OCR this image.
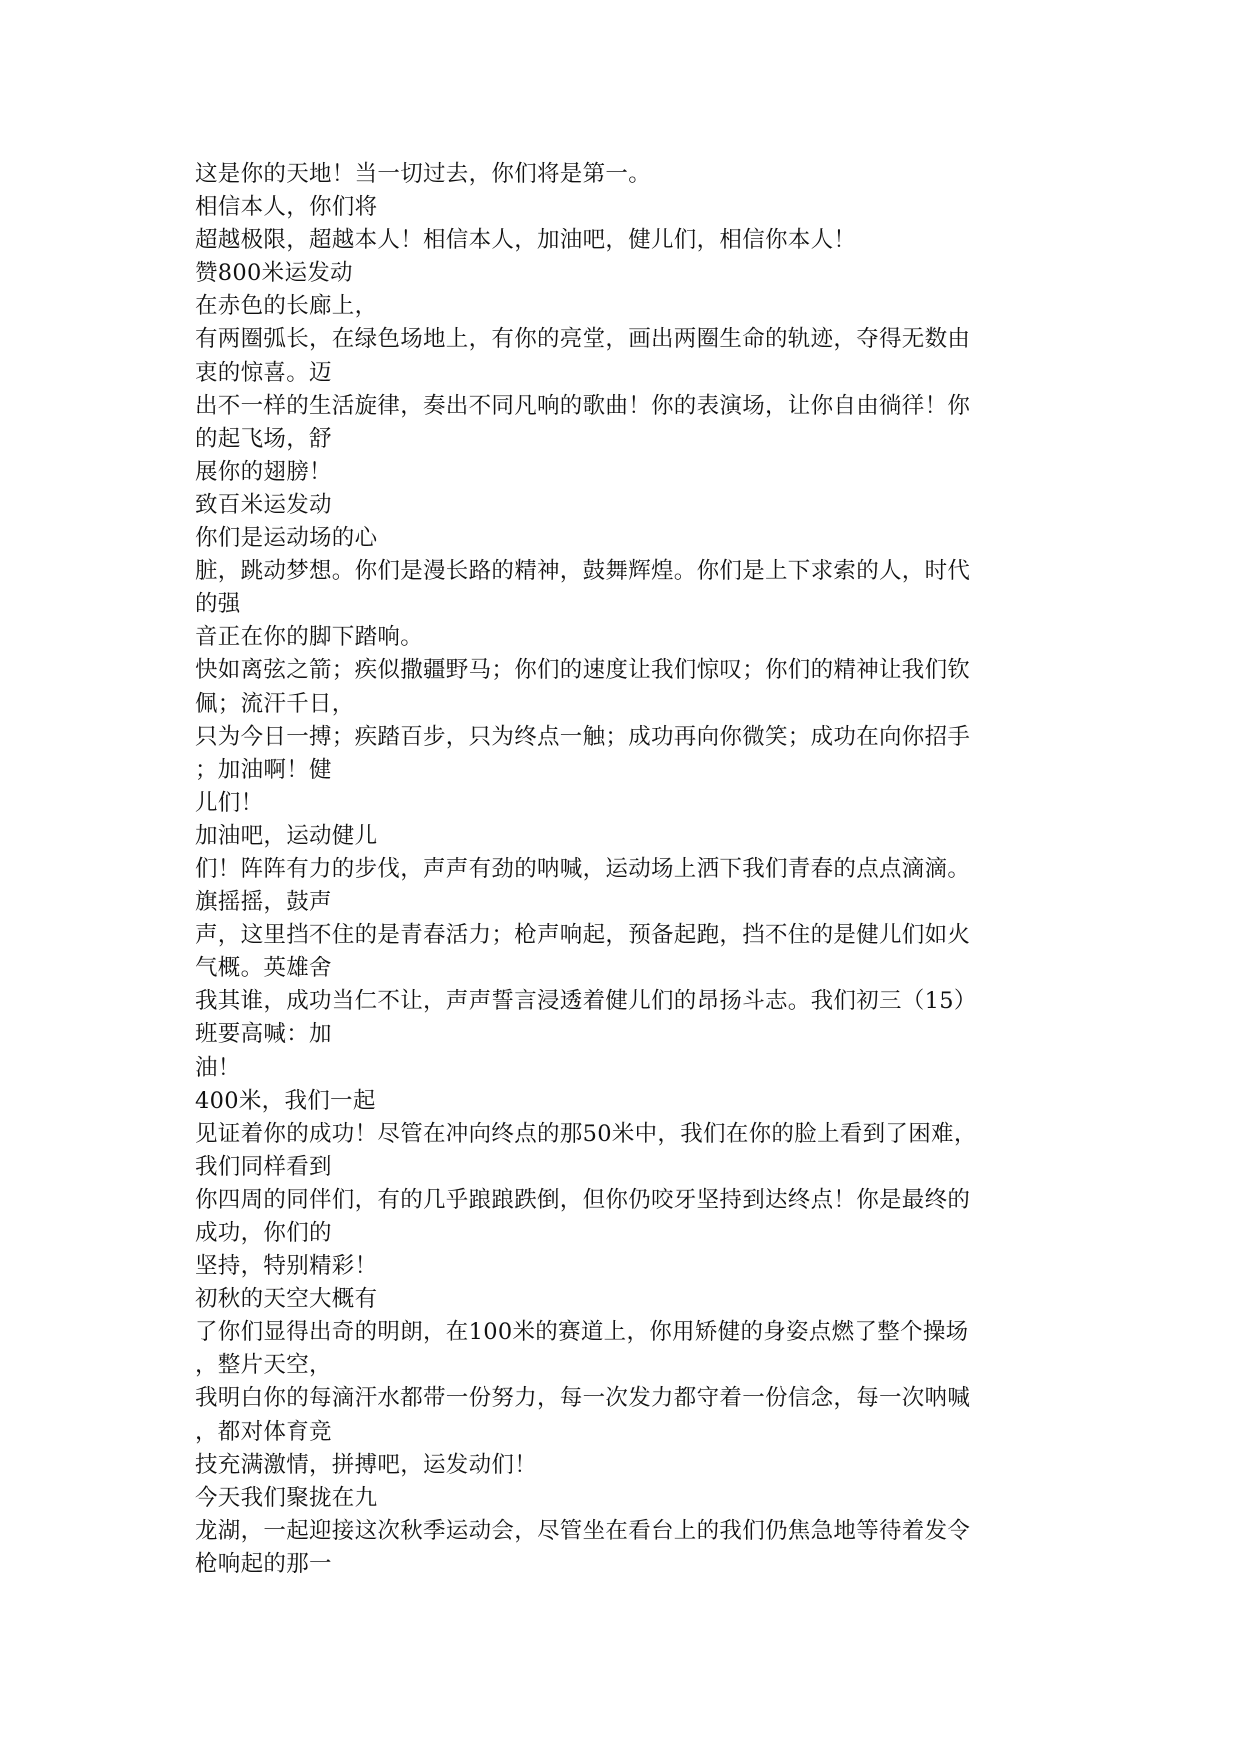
这是你的天地！当一切过去，你们将是第一。
相信本人，你们将
超越极限，超越本人！相信本人，加油吧，健儿们，相信你本人！
赞800米运发动
在赤色的长廊上，
有两圈弧长，在绿色场地上，有你的亮堂，画出两圈生命的轨迹，夺得无数由
衷的惊喜。迈
出不一样的生活旋律，奏出不同凡响的歌曲！你的表演场，让你自由徜徉！你
的起飞场，舒
展你的翅膀！
致百米运发动
你们是运动场的心
脏，跳动梦想。你们是漫长路的精神，鼓舞辉煌。你们是上下求索的人，时代
的强
音正在你的脚下踏响。
快如离弦之箭；疾似撒疆野马；你们的速度让我们惊叹；你们的精神让我们钦
佩；流汗千日，
只为今日一搏；疾踏百步，只为终点一触；成功再向你微笑；成功在向你招手
；加油啊！健
儿们！
加油吧，运动健儿
们！阵阵有力的步伐，声声有劲的呐喊，运动场上洒下我们青春的点点滴滴。
旗摇摇，鼓声
声，这里挡不住的是青春活力；枪声响起，预备起跑，挡不住的是健儿们如火
气概。英雄舍
我其谁，成功当仁不让，声声誓言浸透着健儿们的昂扬斗志。我们初三（15）
班要高喊：加
油！
400米，我们一起
见证着你的成功！尽管在冲向终点的那50米中，我们在你的脸上看到了困难，
我们同样看到
你四周的同伴们，有的几乎踉踉跌倒，但你仍咬牙坚持到达终点！你是最终的
成功，你们的
坚持，特别精彩！
初秋的天空大概有
了你们显得出奇的明朗，在100米的赛道上，你用矫健的身姿点燃了整个操场
，整片天空，
我明白你的每滴汗水都带一份努力，每一次发力都守着一份信念，每一次呐喊
，都对体育竞
技充满激情，拼搏吧，运发动们！
今天我们聚拢在九
龙湖，一起迎接这次秋季运动会，尽管坐在看台上的我们仍焦急地等待着发令
枪响起的那一
